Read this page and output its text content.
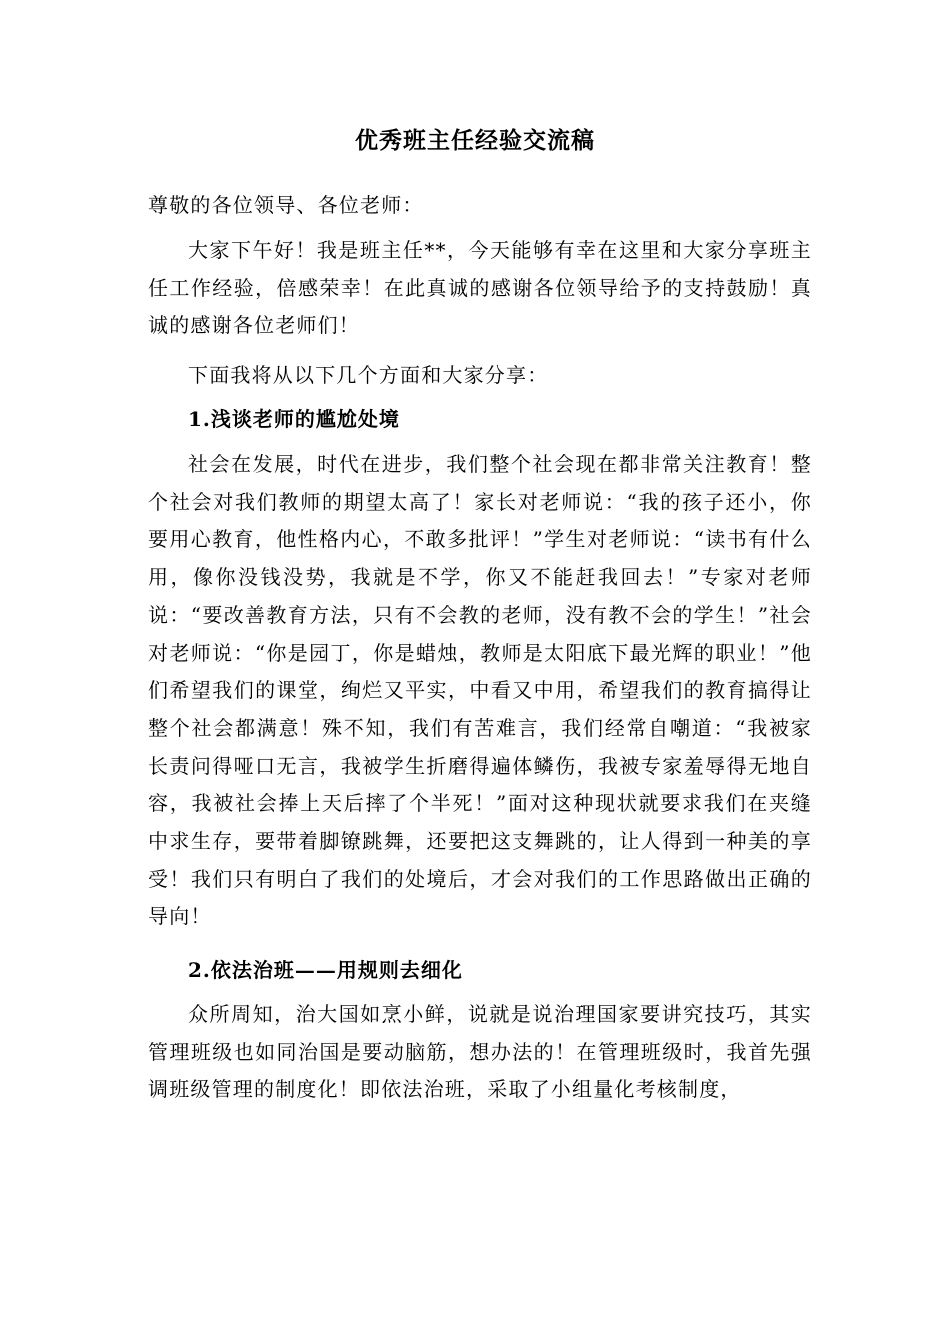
优秀班主任经验交流稿

尊敬的各位领导、各位老师：

大家下午好！我是班主任**，今天能够有幸在这里和大家分享班主任工作经验，倍感荣幸！在此真诚的感谢各位领导给予的支持鼓励！真诚的感谢各位老师们！

下面我将从以下几个方面和大家分享：

1.浅谈老师的尴尬处境

社会在发展，时代在进步，我们整个社会现在都非常关注教育！整个社会对我们教师的期望太高了！家长对老师说：“我的孩子还小，你要用心教育，他性格内心，不敢多批评！”学生对老师说：“读书有什么用，像你没钱没势，我就是不学，你又不能赶我回去！”专家对老师说：“要改善教育方法，只有不会教的老师，没有教不会的学生！”社会对老师说：“你是园丁，你是蜡烛，教师是太阳底下最光辉的职业！”他们希望我们的课堂，绚烂又平实，中看又中用，希望我们的教育搞得让整个社会都满意！殊不知，我们有苦难言，我们经常自嘲道：“我被家长责问得哑口无言，我被学生折磨得遍体鳞伤，我被专家羞辱得无地自容，我被社会捧上天后摔了个半死！”面对这种现状就要求我们在夹缝中求生存，要带着脚镣跳舞，还要把这支舞跳的，让人得到一种美的享受！我们只有明白了我们的处境后，才会对我们的工作思路做出正确的导向！

2.依法治班——用规则去细化

众所周知，治大国如烹小鲜，说就是说治理国家要讲究技巧，其实管理班级也如同治国是要动脑筋，想办法的！在管理班级时，我首先强调班级管理的制度化！即依法治班，采取了小组量化考核制度，
